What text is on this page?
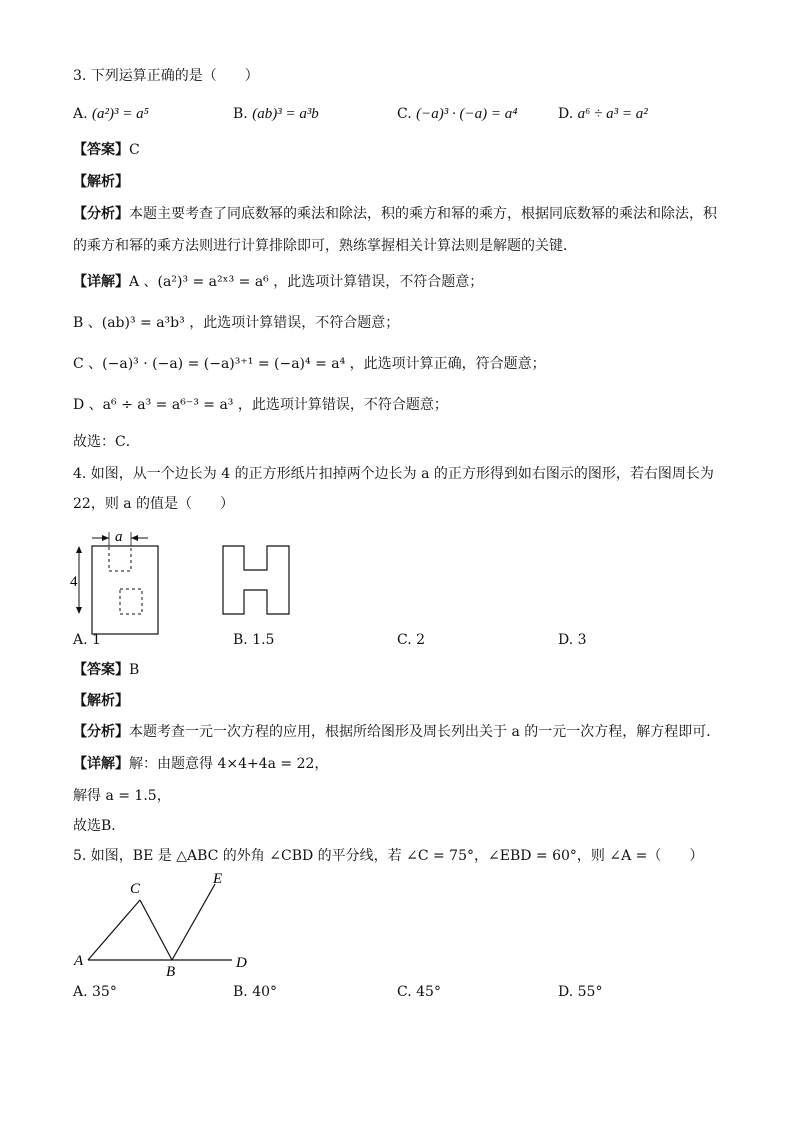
3. 下列运算正确的是（　　）
A. (a²)³ = a⁵	B. (ab)³ = a³b	C. (−a)³ · (−a) = a⁴	D. a⁶ ÷ a³ = a²
【答案】C
【解析】
【分析】本题主要考查了同底数幂的乘法和除法，积的乘方和幂的乘方，根据同底数幂的乘法和除法，积
的乘方和幂的乘方法则进行计算排除即可，熟练掌握相关计算法则是解题的关键．
【详解】A 、(a²)³ = a²ˣ³ = a⁶ ，此选项计算错误，不符合题意；
B 、(ab)³ = a³b³ ，此选项计算错误，不符合题意；
C 、(−a)³ · (−a) = (−a)³⁺¹ = (−a)⁴ = a⁴ ，此选项计算正确，符合题意；
D 、a⁶ ÷ a³ = a⁶⁻³ = a³ ，此选项计算错误，不符合题意；
故选：C．
4. 如图，从一个边长为 4 的正方形纸片扣掉两个边长为 a 的正方形得到如右图示的图形，若右图周长为
22，则 a 的值是（　　）
a
4
A. 1	B. 1.5	C. 2	D. 3
【答案】B
【解析】
【分析】本题考查一元一次方程的应用，根据所给图形及周长列出关于 a 的一元一次方程，解方程即可．
【详解】解：由题意得 4×4+4a = 22，
解得 a = 1.5，
故选B．
5. 如图，BE 是 △ABC 的外角 ∠CBD 的平分线，若 ∠C = 75°，∠EBD = 60°，则 ∠A =（　　）
A
B
C
D
E
A. 35°	B. 40°	C. 45°	D. 55°
